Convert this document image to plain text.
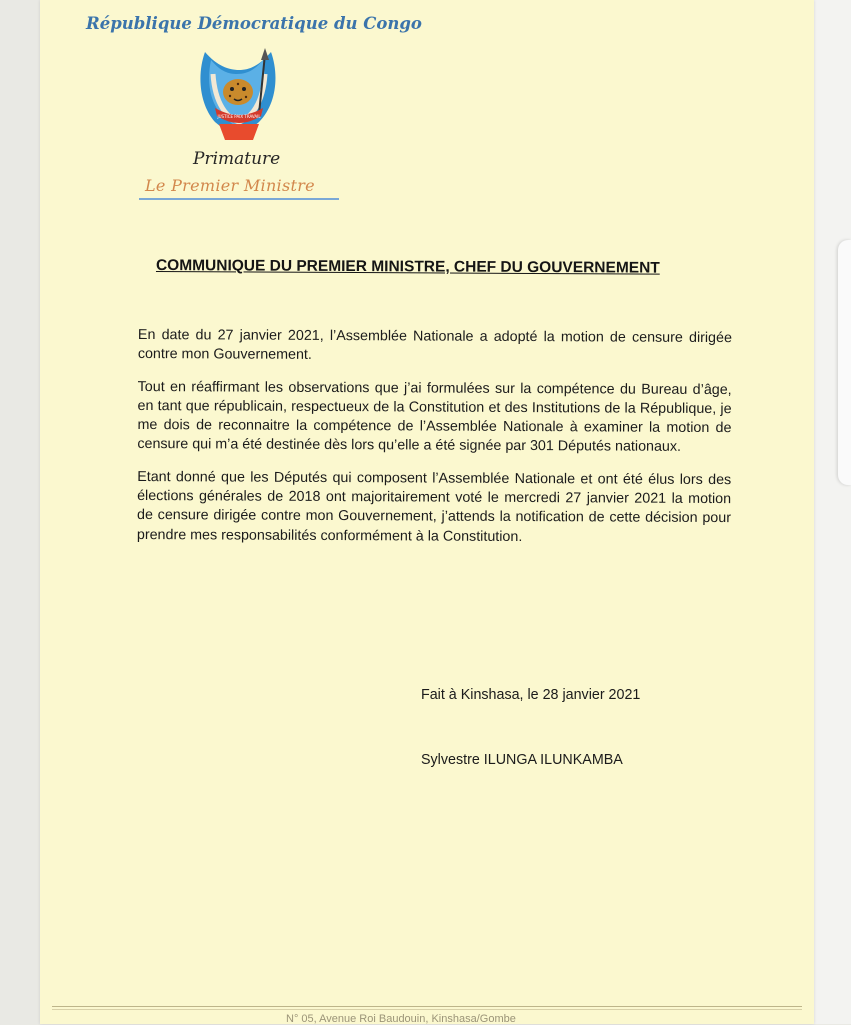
République Démocratique du Congo
JUSTICE PAIX TRAVAIL
Primature
Le Premier Ministre
COMMUNIQUE DU PREMIER MINISTRE, CHEF DU GOUVERNEMENT

En date du 27 janvier 2021, l’Assemblée Nationale a adopté la motion de censure dirigée contre mon Gouvernement.

Tout en réaffirmant les observations que j’ai formulées sur la compétence du Bureau d’âge, en tant que républicain, respectueux de la Constitution et des Institutions de la République, je me dois de reconnaitre la compétence de l’Assemblée Nationale à examiner la motion de censure qui m’a été destinée dès lors qu’elle a été signée par 301 Députés nationaux.

Etant donné que les Députés qui composent l’Assemblée Nationale et ont été élus lors des élections générales de 2018 ont majoritairement voté le mercredi 27 janvier 2021 la motion de censure dirigée contre mon Gouvernement, j’attends la notification de cette décision pour prendre mes responsabilités conformément à la Constitution.

Fait à Kinshasa, le 28 janvier 2021
Sylvestre ILUNGA ILUNKAMBA
N° 05, Avenue Roi Baudouin, Kinshasa/Gombe
